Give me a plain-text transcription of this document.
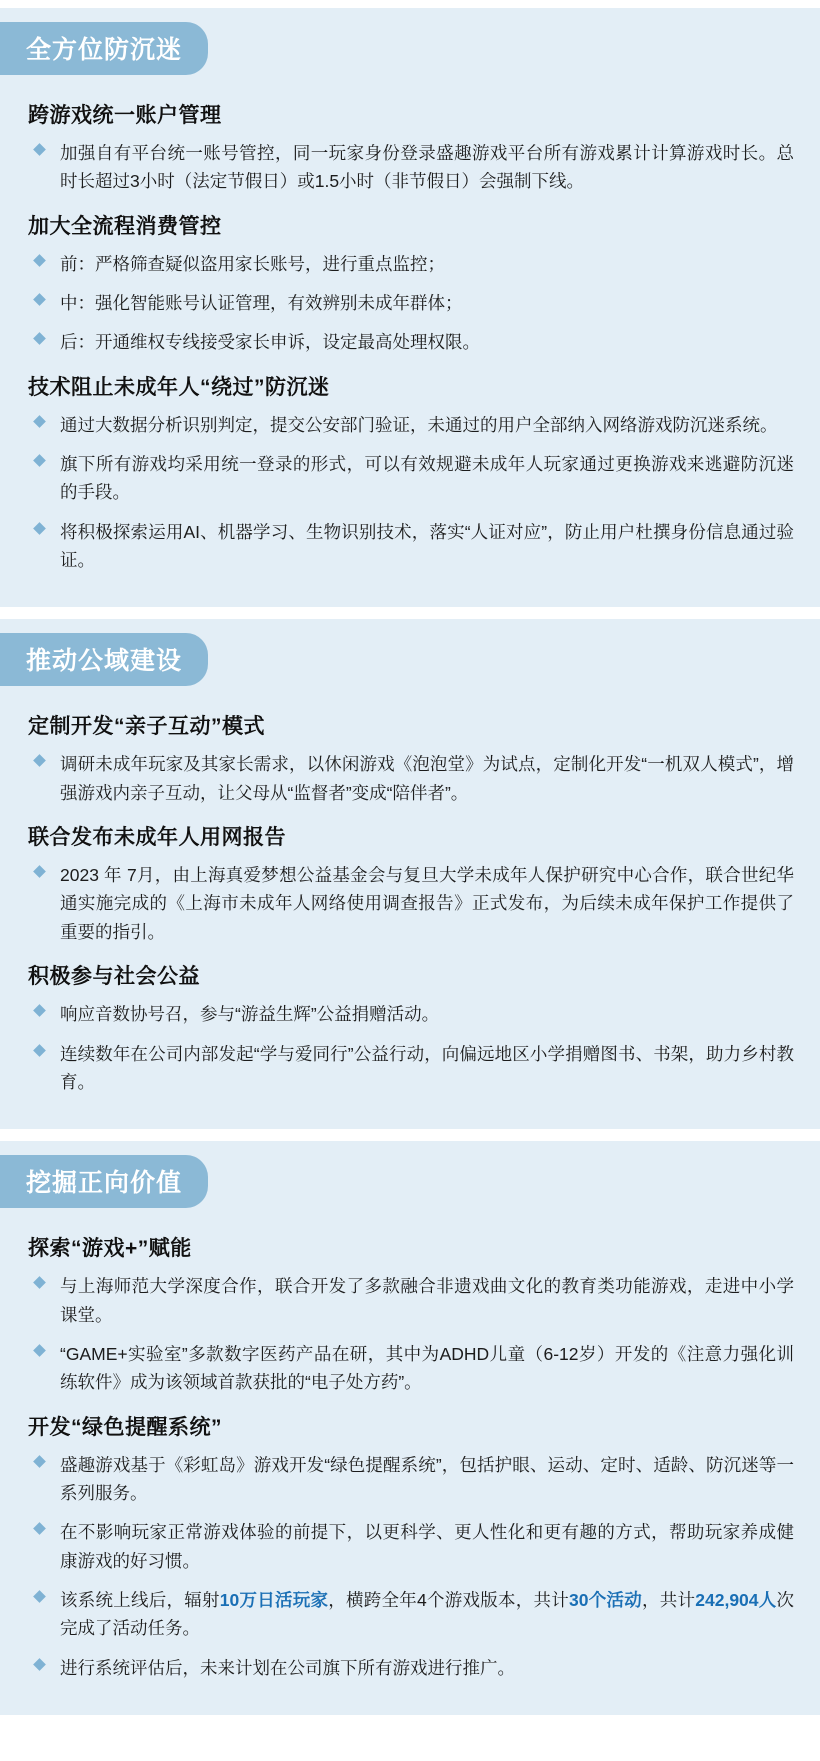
全方位防沉迷
跨游戏统一账户管理
加强自有平台统一账号管控，同一玩家身份登录盛趣游戏平台所有游戏累计计算游戏时长。总时长超过3小时（法定节假日）或1.5小时（非节假日）会强制下线。
加大全流程消费管控
前：严格筛查疑似盗用家长账号，进行重点监控；
中：强化智能账号认证管理，有效辨别未成年群体；
后：开通维权专线接受家长申诉，设定最高处理权限。
技术阻止未成年人“绕过”防沉迷
通过大数据分析识别判定，提交公安部门验证，未通过的用户全部纳入网络游戏防沉迷系统。
旗下所有游戏均采用统一登录的形式，可以有效规避未成年人玩家通过更换游戏来逃避防沉迷的手段。
将积极探索运用AI、机器学习、生物识别技术，落实“人证对应”，防止用户杜撰身份信息通过验证。
推动公域建设
定制开发“亲子互动”模式
调研未成年玩家及其家长需求，以休闲游戏《泡泡堂》为试点，定制化开发“一机双人模式”，增强游戏内亲子互动，让父母从“监督者”变成“陪伴者”。
联合发布未成年人用网报告
2023 年 7月，由上海真爱梦想公益基金会与复旦大学未成年人保护研究中心合作，联合世纪华通实施完成的《上海市未成年人网络使用调查报告》正式发布，为后续未成年保护工作提供了重要的指引。
积极参与社会公益
响应音数协号召，参与“游益生辉”公益捐赠活动。
连续数年在公司内部发起“学与爱同行”公益行动，向偏远地区小学捐赠图书、书架，助力乡村教育。
挖掘正向价值
探索“游戏+”赋能
与上海师范大学深度合作，联合开发了多款融合非遗戏曲文化的教育类功能游戏，走进中小学课堂。
“GAME+实验室”多款数字医药产品在研，其中为ADHD儿童（6-12岁）开发的《注意力强化训练软件》成为该领域首款获批的“电子处方药”。
开发“绿色提醒系统”
盛趣游戏基于《彩虹岛》游戏开发“绿色提醒系统”，包括护眼、运动、定时、适龄、防沉迷等一系列服务。
在不影响玩家正常游戏体验的前提下，以更科学、更人性化和更有趣的方式，帮助玩家养成健康游戏的好习惯。
该系统上线后，辐射10万日活玩家，横跨全年4个游戏版本，共计30个活动，共计242,904人次完成了活动任务。
进行系统评估后，未来计划在公司旗下所有游戏进行推广。
